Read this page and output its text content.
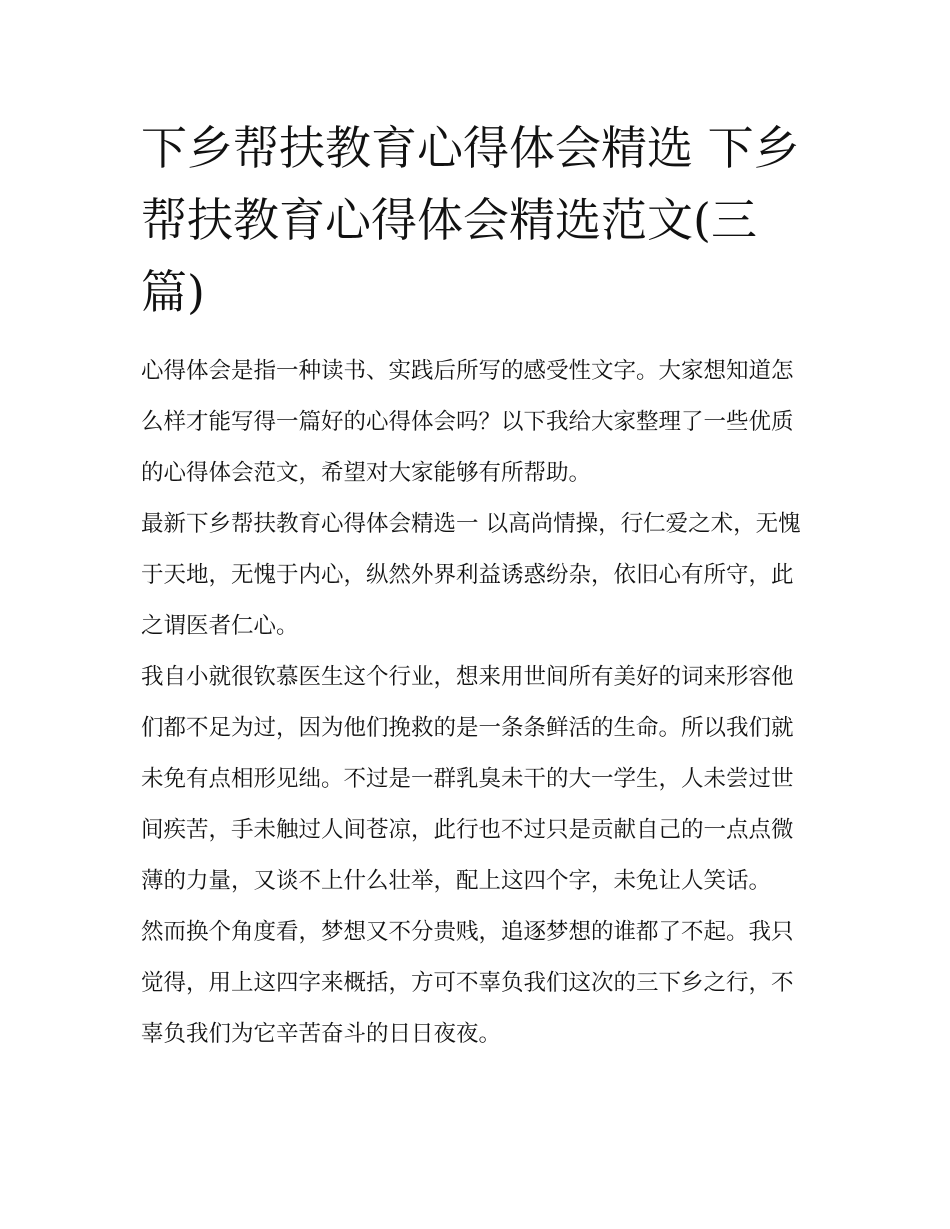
下乡帮扶教育心得体会精选 下乡帮扶教育心得体会精选范文(三篇)

心得体会是指一种读书、实践后所写的感受性文字。大家想知道怎么样才能写得一篇好的心得体会吗？以下我给大家整理了一些优质的心得体会范文，希望对大家能够有所帮助。

最新下乡帮扶教育心得体会精选一 以高尚情操，行仁爱之术，无愧于天地，无愧于内心，纵然外界利益诱惑纷杂，依旧心有所守，此之谓医者仁心。

我自小就很钦慕医生这个行业，想来用世间所有美好的词来形容他们都不足为过，因为他们挽救的是一条条鲜活的生命。所以我们就未免有点相形见绌。不过是一群乳臭未干的大一学生，人未尝过世间疾苦，手未触过人间苍凉，此行也不过只是贡献自己的一点点微薄的力量，又谈不上什么壮举，配上这四个字，未免让人笑话。

然而换个角度看，梦想又不分贵贱，追逐梦想的谁都了不起。我只觉得，用上这四字来概括，方可不辜负我们这次的三下乡之行，不辜负我们为它辛苦奋斗的日日夜夜。
